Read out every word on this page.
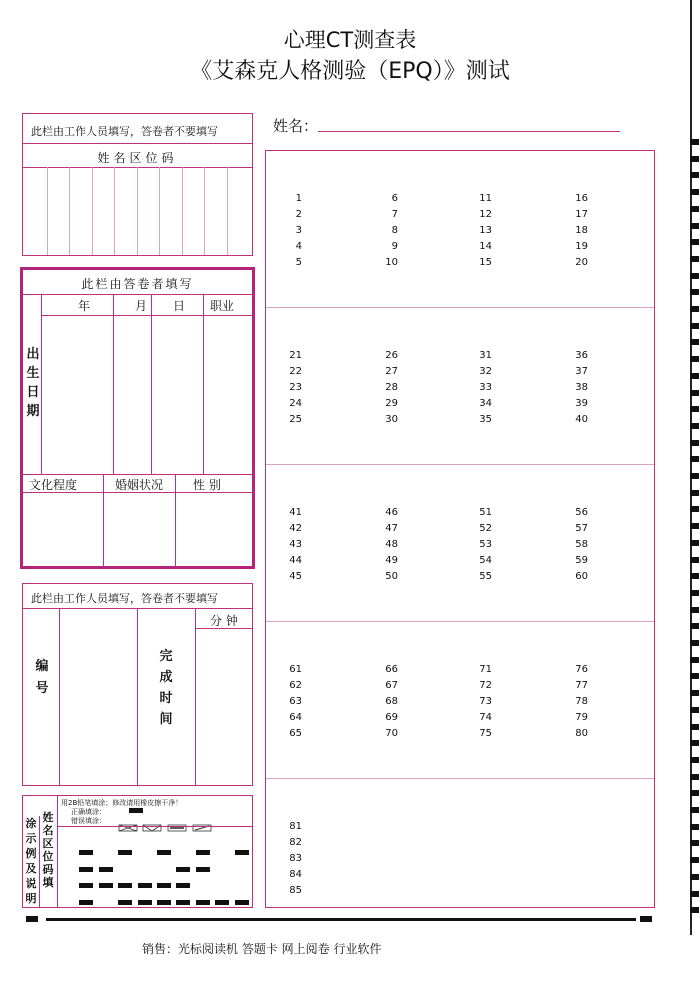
心理CT测查表
《艾森克人格测验（EPQ）》测试
姓名：
此栏由工作人员填写，答卷者不要填写
姓名区位码
此栏由答卷者填写
年	月 日 职业
出
生
日
期
文化程度	婚姻状况 性 别
此栏由工作人员填写，答卷者不要填写
分 钟
编
号
完
成
时
间
涂
示
例
及
说
明
姓
名
区
位
码
填
用2B铅笔填涂；修改请用橡皮擦干净！
正确填涂：
错误填涂：
1
2
3
4
5
6
7
8
9
10
11
12
13
14
15
16
17
18
19
20
21
22
23
24
25
26
27
28
29
30
31
32
33
34
35
36
37
38
39
40
41
42
43
44
45
46
47
48
49
50
51
52
53
54
55
56
57
58
59
60
61
62
63
64
65
66
67
68
69
70
71
72
73
74
75
76
77
78
79
80
81
82
83
84
85
销售：光标阅读机 答题卡 网上阅卷 行业软件
